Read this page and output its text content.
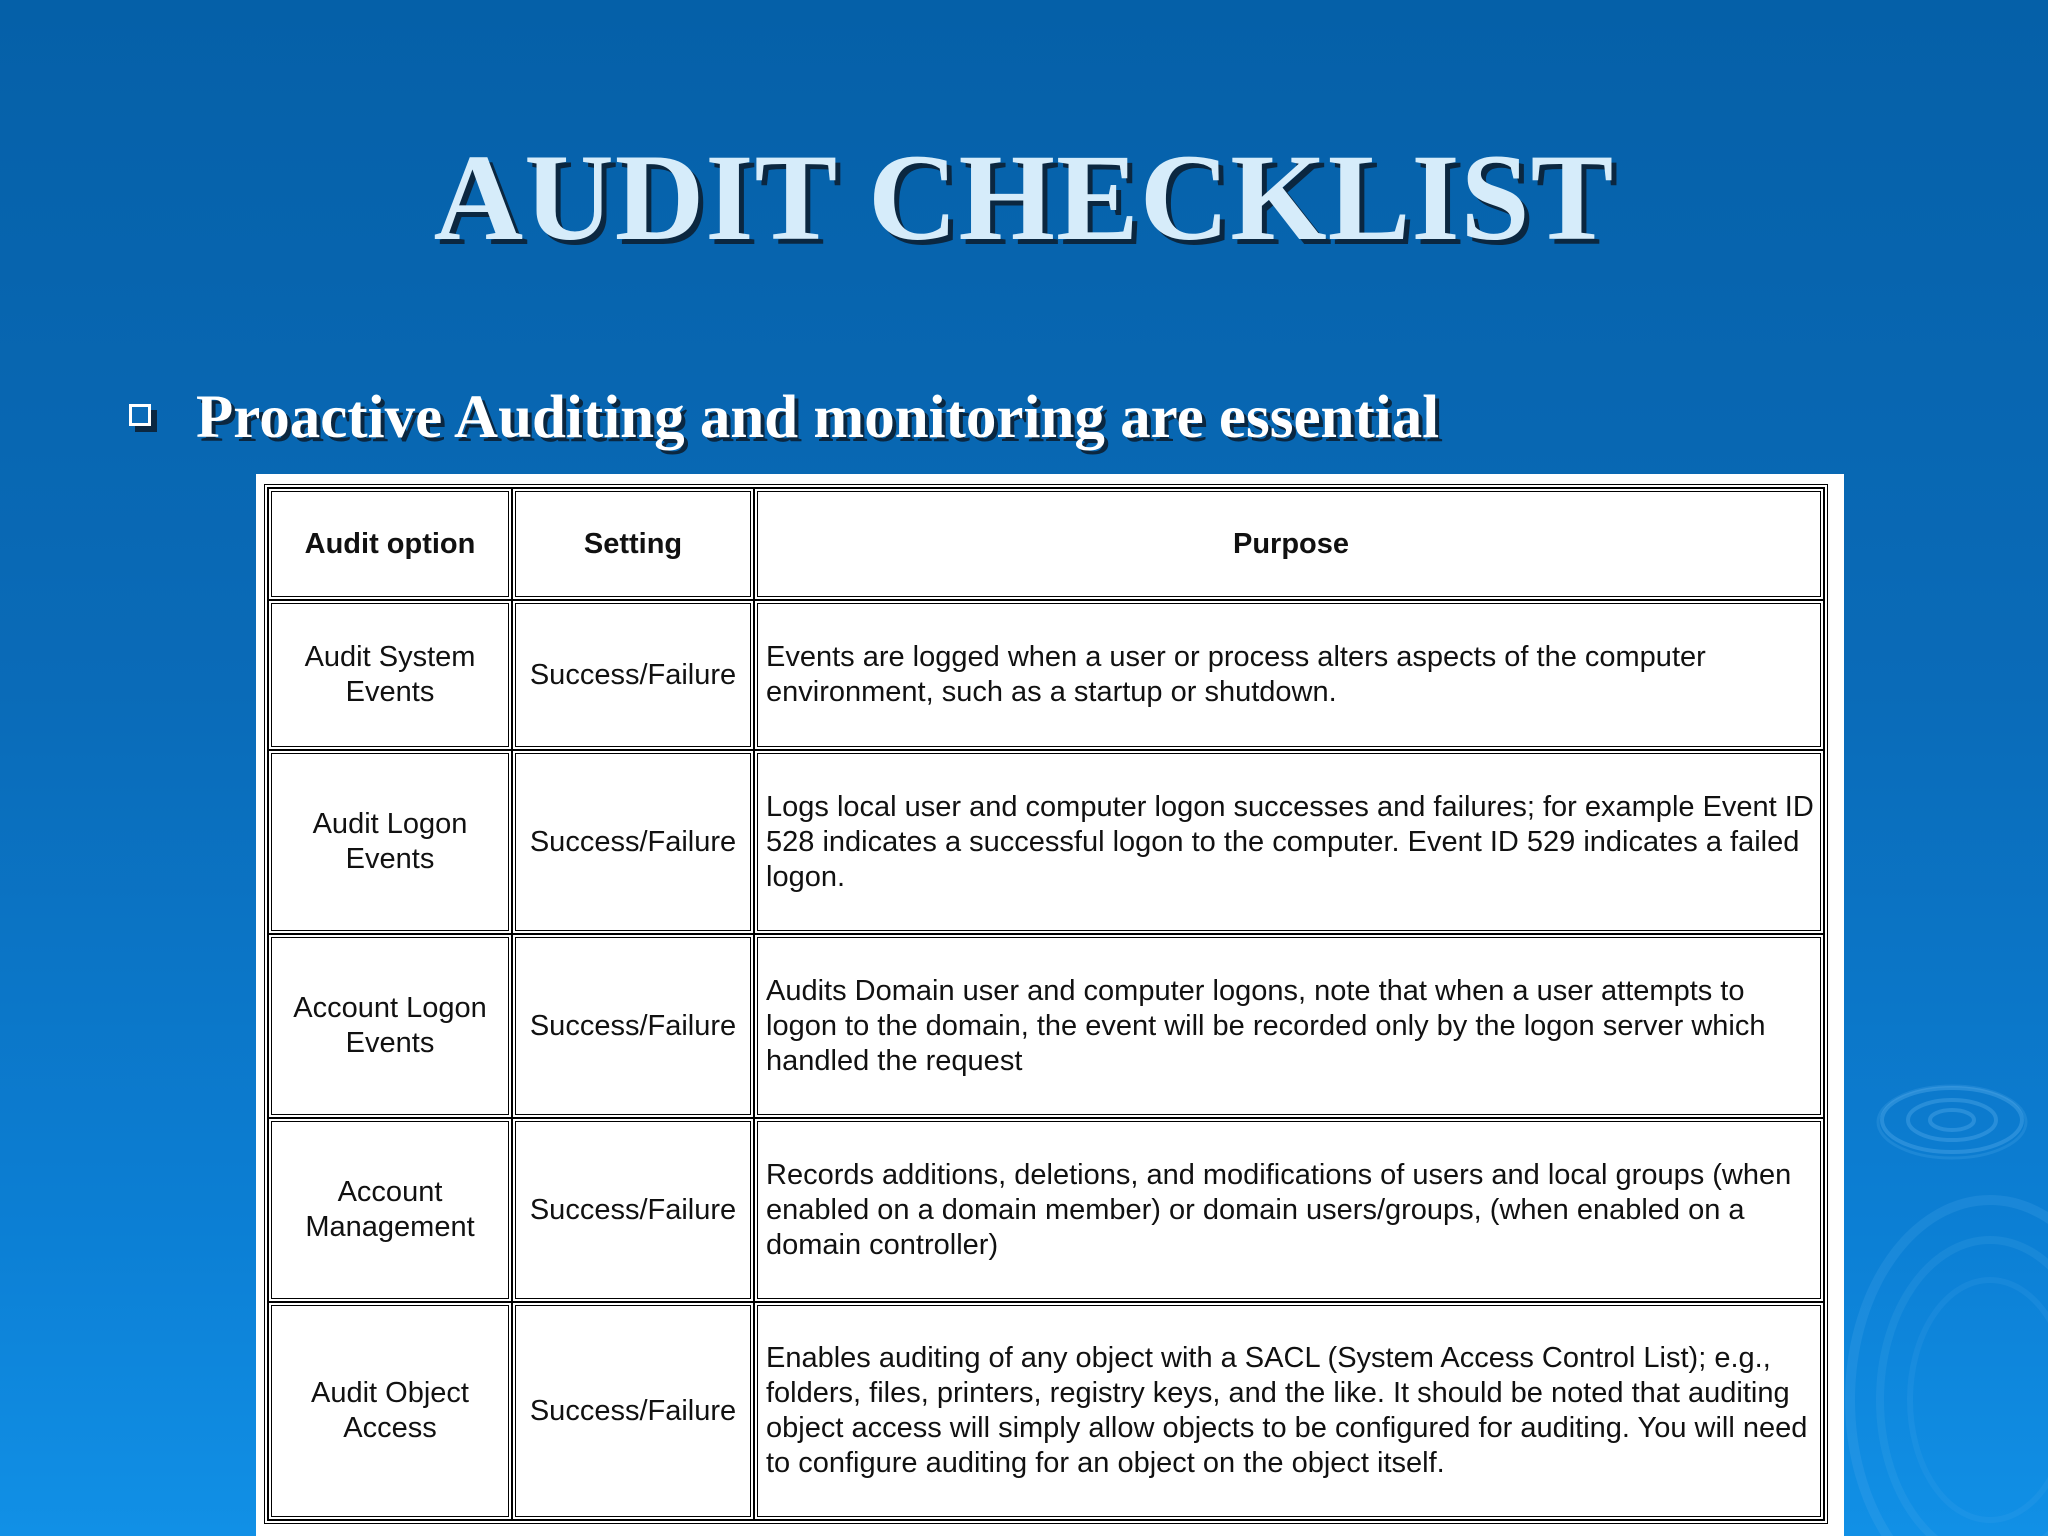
AUDIT CHECKLIST
Proactive Auditing and monitoring are essential
Audit option	Setting	Purpose
Audit System Events	Success/Failure	Events are logged when a user or process alters aspects of the computer environment, such as a startup or shutdown.
Audit Logon Events	Success/Failure	Logs local user and computer logon successes and failures; for example Event ID 528 indicates a successful logon to the computer. Event ID 529 indicates a failed logon.
Account Logon Events	Success/Failure	Audits Domain user and computer logons, note that when a user attempts to logon to the domain, the event will be recorded only by the logon server which handled the request
Account Management	Success/Failure	Records additions, deletions, and modifications of users and local groups (when enabled on a domain member) or domain users/groups, (when enabled on a domain controller)
Audit Object Access	Success/Failure	Enables auditing of any object with a SACL (System Access Control List); e.g., folders, files, printers, registry keys, and the like. It should be noted that auditing object access will simply allow objects to be configured for auditing. You will need to configure auditing for an object on the object itself.
